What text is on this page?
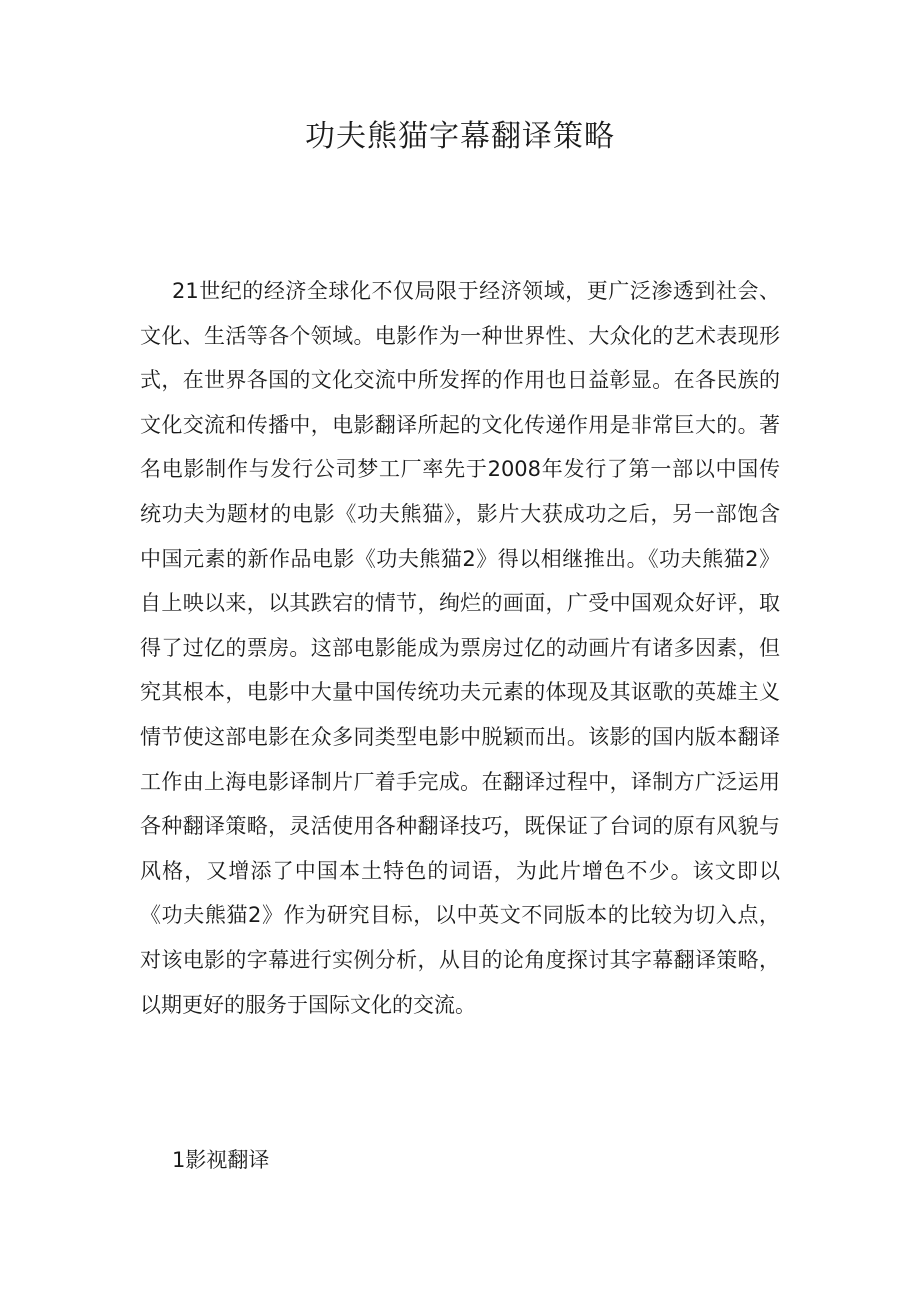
功夫熊猫字幕翻译策略

21世纪的经济全球化不仅局限于经济领域，更广泛渗透到社会、文化、生活等各个领域。电影作为一种世界性、大众化的艺术表现形式，在世界各国的文化交流中所发挥的作用也日益彰显。在各民族的文化交流和传播中，电影翻译所起的文化传递作用是非常巨大的。著名电影制作与发行公司梦工厂率先于2008年发行了第一部以中国传统功夫为题材的电影《功夫熊猫》，影片大获成功之后，另一部饱含中国元素的新作品电影《功夫熊猫2》得以相继推出。《功夫熊猫2》自上映以来，以其跌宕的情节，绚烂的画面，广受中国观众好评，取得了过亿的票房。这部电影能成为票房过亿的动画片有诸多因素，但究其根本，电影中大量中国传统功夫元素的体现及其讴歌的英雄主义情节使这部电影在众多同类型电影中脱颖而出。该影的国内版本翻译工作由上海电影译制片厂着手完成。在翻译过程中，译制方广泛运用各种翻译策略，灵活使用各种翻译技巧，既保证了台词的原有风貌与风格，又增添了中国本土特色的词语，为此片增色不少。该文即以《功夫熊猫2》作为研究目标，以中英文不同版本的比较为切入点，对该电影的字幕进行实例分析，从目的论角度探讨其字幕翻译策略，以期更好的服务于国际文化的交流。

1影视翻译
